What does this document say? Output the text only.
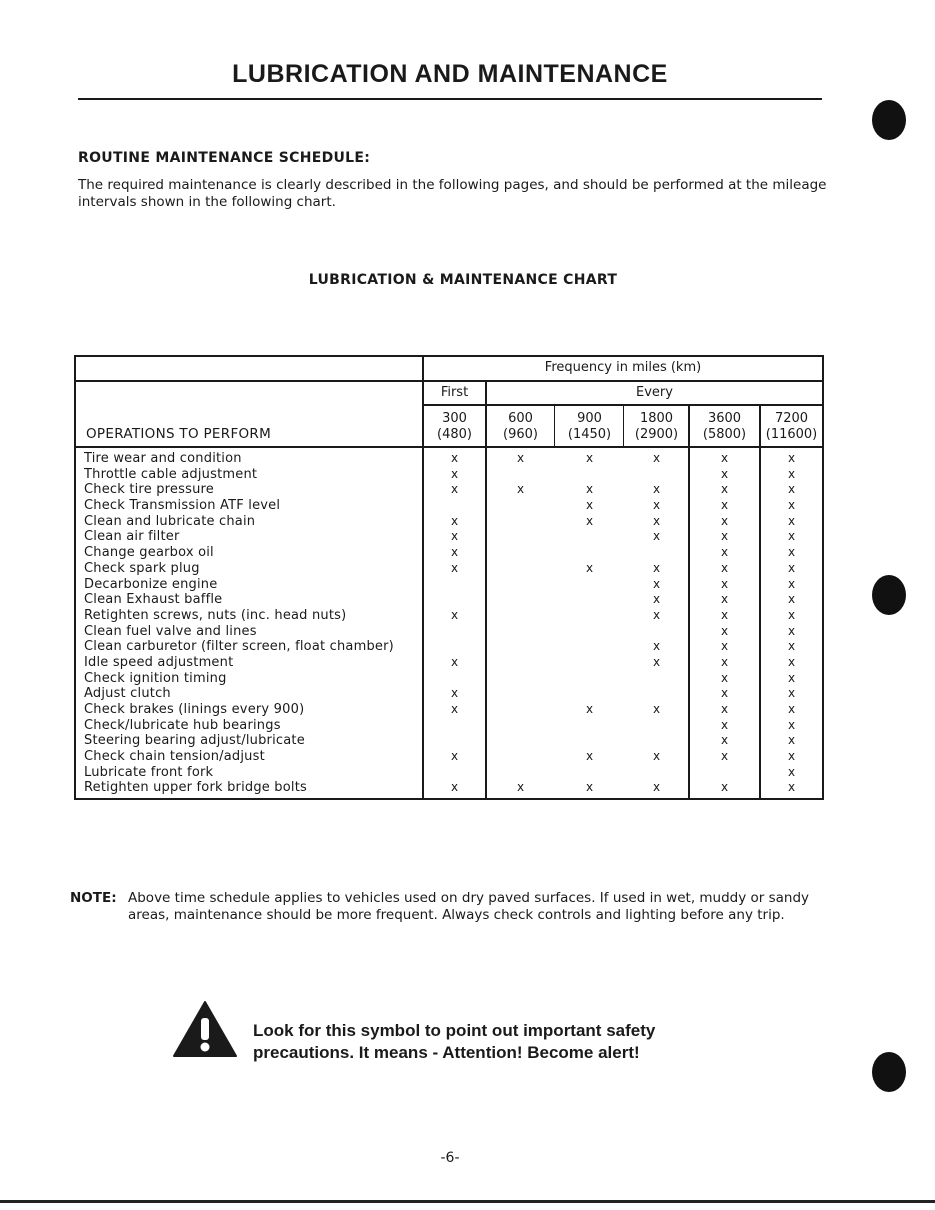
LUBRICATION AND MAINTENANCE
ROUTINE MAINTENANCE SCHEDULE:
The required maintenance is clearly described in the following pages, and should be performed at the mileage intervals shown in the following chart.
LUBRICATION & MAINTENANCE CHART
Frequency in miles (km)
First	Every
300
(480)
600
(960)
900
(1450)
1800
(2900)
3600
(5800)
7200
(11600)
OPERATIONS TO PERFORM
Tire wear and condition
Throttle cable adjustment
Check tire pressure
Check Transmission ATF level
Clean and lubricate chain
Clean air filter
Change gearbox oil
Check spark plug
Decarbonize engine
Clean Exhaust baffle
Retighten screws, nuts (inc. head nuts)
Clean fuel valve and lines
Clean carburetor (filter screen, float chamber)
Idle speed adjustment
Check ignition timing
Adjust clutch
Check brakes (linings every 900)
Check/lubricate hub bearings
Steering bearing adjust/lubricate
Check chain tension/adjust
Lubricate front fork
Retighten upper fork bridge bolts
x
x
x
x
x
x
x
x
x
x
x
x
x
x
x
x
x
x
x
x
x
x
x
x
x
x
x
x
x
x
x
x
x
x
x
x
x
x
x
x
x
x
x
x
x
x
x
x
x
x
x
x
x
x
x
x
x
x
x
x
x
x
x
x
x
x
x
x
x
x
x
x
x
x
x
x
x
x
x
x
x
NOTE: Above time schedule applies to vehicles used on dry paved surfaces. If used in wet, muddy or sandy areas, maintenance should be more frequent. Always check controls and lighting before any trip.
Look for this symbol to point out important safety
precautions. It means - Attention! Become alert!
-6-
